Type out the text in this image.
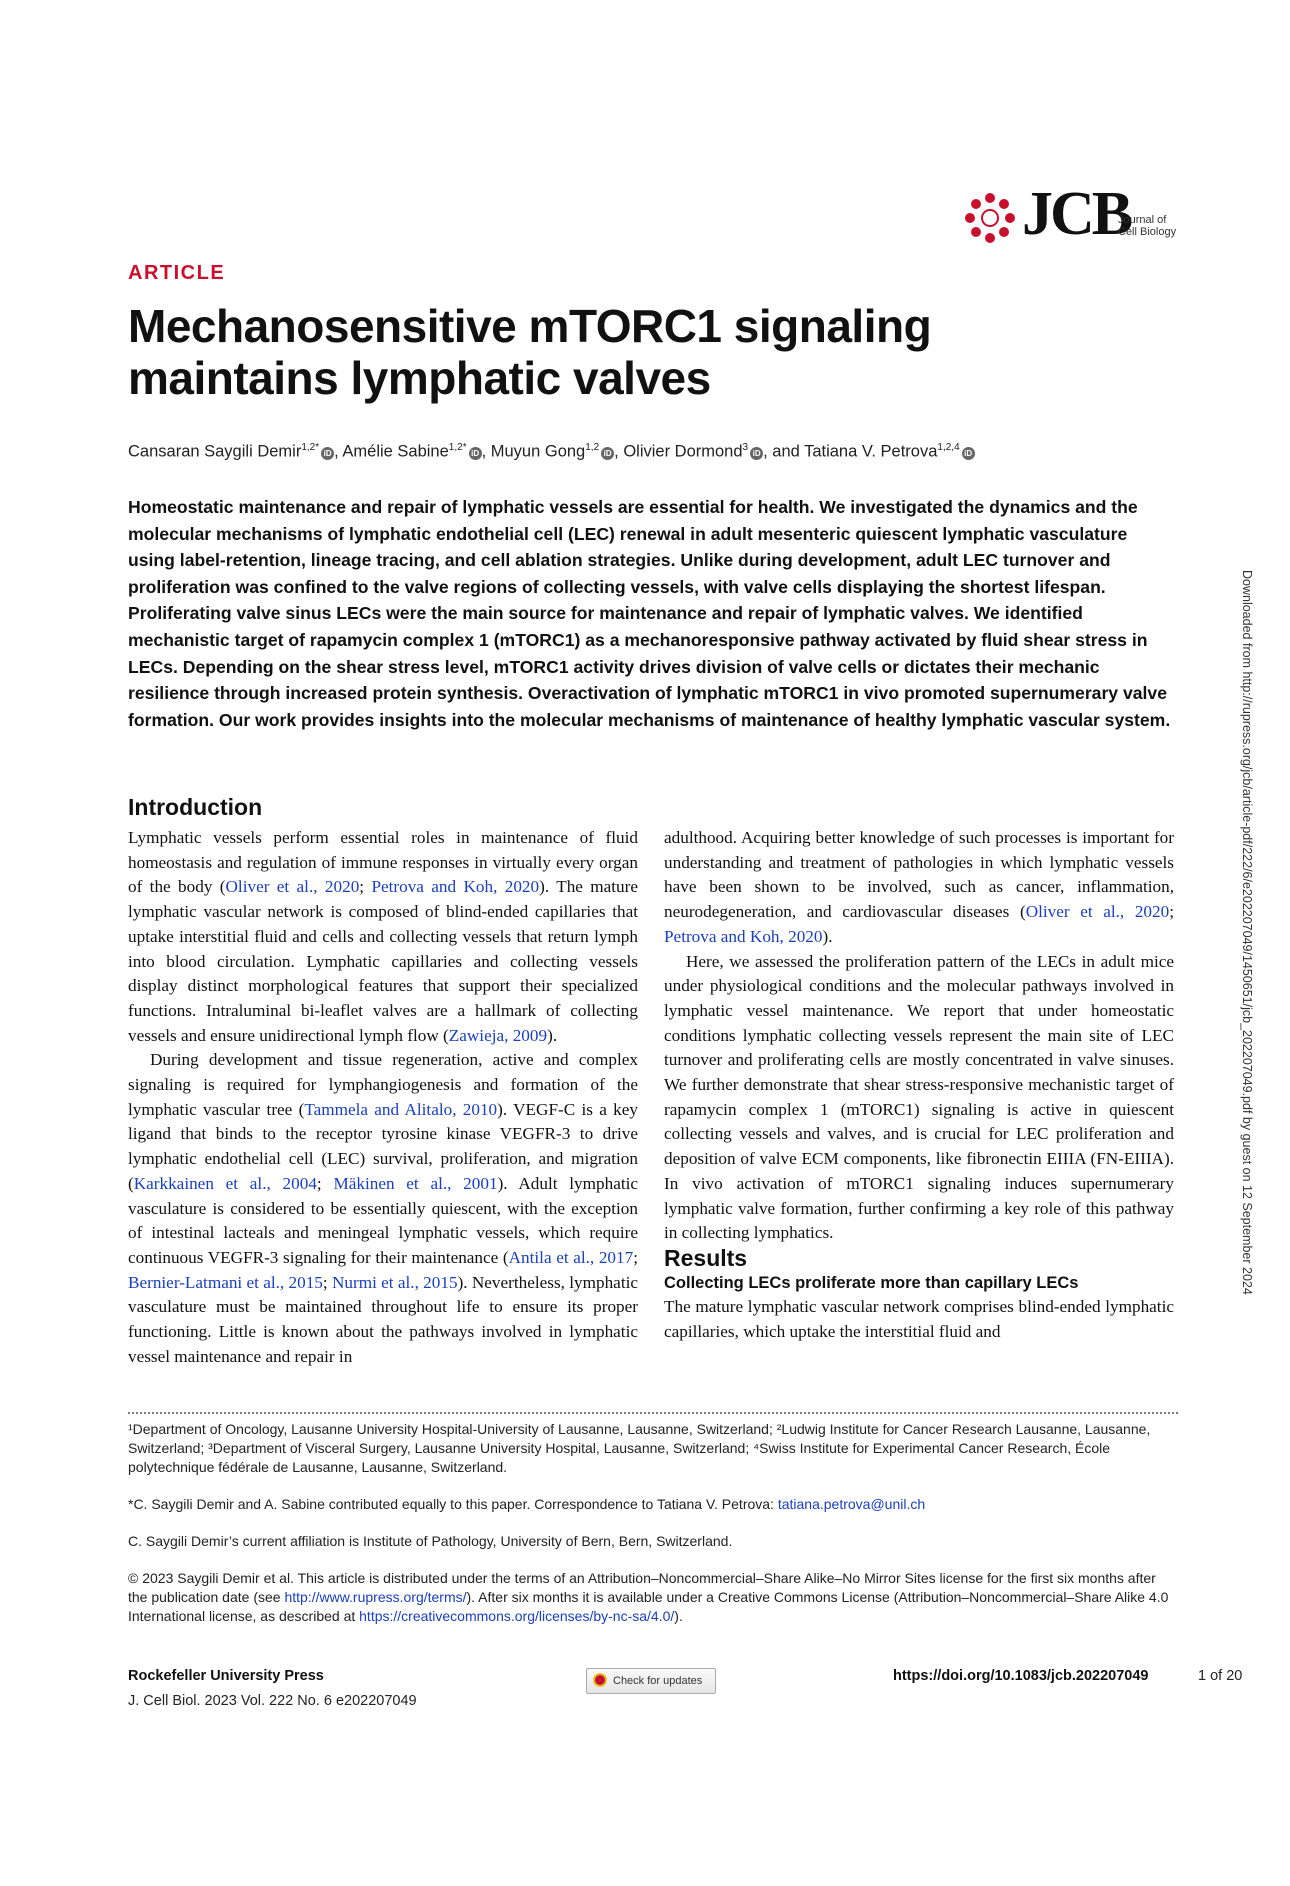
JCB
Journal of
Cell Biology
ARTICLE
Mechanosensitive mTORC1 signaling maintains lymphatic valves
Cansaran Saygili Demir$^{1,2*}$ iD , Amélie Sabine$^{1,2*}$ iD , Muyun Gong$^{1,2}$ iD , Olivier Dormond$^3$ iD , and Tatiana V. Petrova$^{1,2,4}$ iD
Homeostatic maintenance and repair of lymphatic vessels are essential for health. We investigated the dynamics and the molecular mechanisms of lymphatic endothelial cell (LEC) renewal in adult mesenteric quiescent lymphatic vasculature using label-retention, lineage tracing, and cell ablation strategies. Unlike during development, adult LEC turnover and proliferation was confined to the valve regions of collecting vessels, with valve cells displaying the shortest lifespan. Proliferating valve sinus LECs were the main source for maintenance and repair of lymphatic valves. We identified mechanistic target of rapamycin complex 1 (mTORC1) as a mechanoresponsive pathway activated by fluid shear stress in LECs. Depending on the shear stress level, mTORC1 activity drives division of valve cells or dictates their mechanic resilience through increased protein synthesis. Overactivation of lymphatic mTORC1 in vivo promoted supernumerary valve formation. Our work provides insights into the molecular mechanisms of maintenance of healthy lymphatic vascular system.	Downloaded from http://rupress.org/jcb/article-pdf/222/6/e202207049/1450651/jcb_202207049.pdf by guest on 12 September 2024
Introduction

Lymphatic vessels perform essential roles in maintenance of fluid homeostasis and regulation of immune responses in virtually every organ of the body (Oliver et al., 2020; Petrova and Koh, 2020). The mature lymphatic vascular network is composed of blind-ended capillaries that uptake interstitial fluid and cells and collecting vessels that return lymph into blood circulation. Lymphatic capillaries and collecting vessels display distinct morphological features that support their specialized functions. Intraluminal bi-leaflet valves are a hallmark of collecting vessels and ensure unidirectional lymph flow (Zawieja, 2009).

During development and tissue regeneration, active and complex signaling is required for lymphangiogenesis and formation of the lymphatic vascular tree (Tammela and Alitalo, 2010). VEGF-C is a key ligand that binds to the receptor tyrosine kinase VEGFR-3 to drive lymphatic endothelial cell (LEC) survival, proliferation, and migration (Karkkainen et al., 2004; Mäkinen et al., 2001). Adult lymphatic vasculature is considered to be essentially quiescent, with the exception of intestinal lacteals and meningeal lymphatic vessels, which require continuous VEGFR-3 signaling for their maintenance (Antila et al., 2017; Bernier-Latmani et al., 2015; Nurmi et al., 2015). Nevertheless, lymphatic vasculature must be maintained throughout life to ensure its proper functioning. Little is known about the pathways involved in lymphatic vessel maintenance and repair in

adulthood. Acquiring better knowledge of such processes is important for understanding and treatment of pathologies in which lymphatic vessels have been shown to be involved, such as cancer, inflammation, neurodegeneration, and cardiovascular diseases (Oliver et al., 2020; Petrova and Koh, 2020).

Here, we assessed the proliferation pattern of the LECs in adult mice under physiological conditions and the molecular pathways involved in lymphatic vessel maintenance. We report that under homeostatic conditions lymphatic collecting vessels represent the main site of LEC turnover and proliferating cells are mostly concentrated in valve sinuses. We further demonstrate that shear stress-responsive mechanistic target of rapamycin complex 1 (mTORC1) signaling is active in quiescent collecting vessels and valves, and is crucial for LEC proliferation and deposition of valve ECM components, like fibronectin EIIIA (FN-EIIIA). In vivo activation of mTORC1 signaling induces supernumerary lymphatic valve formation, further confirming a key role of this pathway in collecting lymphatics.

Results

Collecting LECs proliferate more than capillary LECs

The mature lymphatic vascular network comprises blind-ended lymphatic capillaries, which uptake the interstitial fluid and

¹Department of Oncology, Lausanne University Hospital-University of Lausanne, Lausanne, Switzerland; ²Ludwig Institute for Cancer Research Lausanne, Lausanne, Switzerland; ³Department of Visceral Surgery, Lausanne University Hospital, Lausanne, Switzerland; ⁴Swiss Institute for Experimental Cancer Research, École polytechnique fédérale de Lausanne, Lausanne, Switzerland.

*C. Saygili Demir and A. Sabine contributed equally to this paper. Correspondence to Tatiana V. Petrova: tatiana.petrova@unil.ch

C. Saygili Demir’s current affiliation is Institute of Pathology, University of Bern, Bern, Switzerland.

© 2023 Saygili Demir et al. This article is distributed under the terms of an Attribution–Noncommercial–Share Alike–No Mirror Sites license for the first six months after the publication date (see http://www.rupress.org/terms/). After six months it is available under a Creative Commons License (Attribution–Noncommercial–Share Alike 4.0 International license, as described at https://creativecommons.org/licenses/by-nc-sa/4.0/).

Rockefeller University Press
J. Cell Biol. 2023 Vol. 222 No. 6 e202207049
Check for updates	https://doi.org/10.1083/jcb.202207049	1 of 20
